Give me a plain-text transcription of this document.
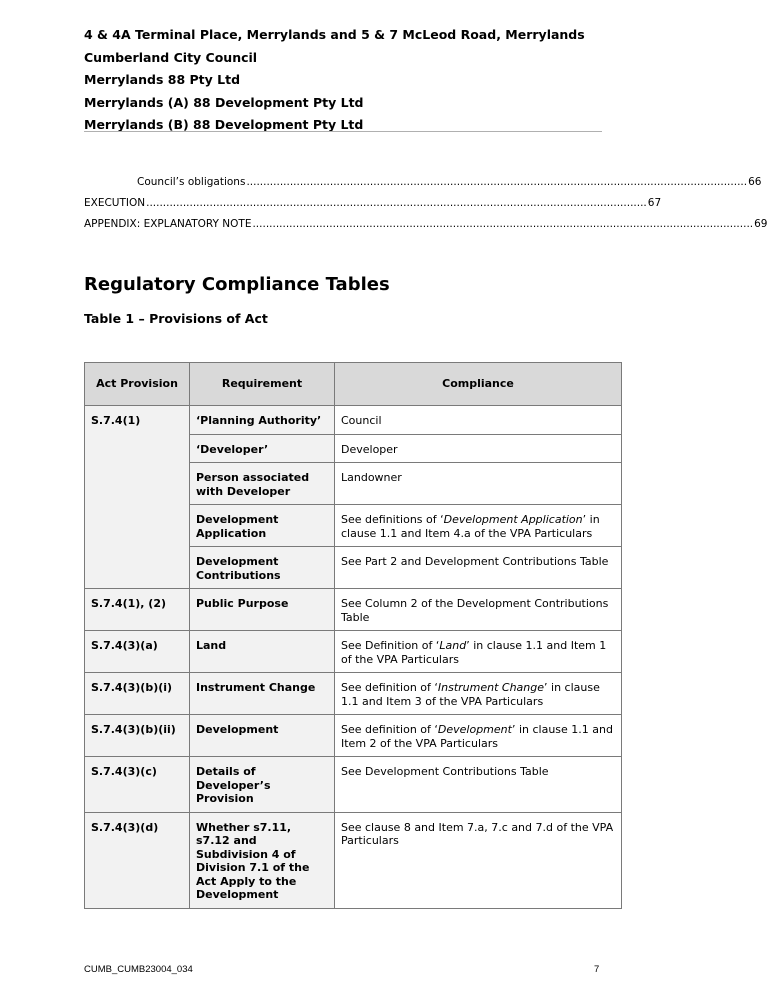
4 & 4A Terminal Place, Merrylands and 5 & 7 McLeod Road, Merrylands
Cumberland City Council
Merrylands 88 Pty Ltd
Merrylands (A) 88 Development Pty Ltd
Merrylands (B) 88 Development Pty Ltd
Council’s obligations ...................................................................................................................................................... 66
EXECUTION ...................................................................................................................................................... 67
APPENDIX: EXPLANATORY NOTE ...................................................................................................................................................... 69
Regulatory Compliance Tables
Table 1 – Provisions of Act
Act Provision	Requirement	Compliance
S.7.4(1)	‘Planning Authority’	Council
	‘Developer’	Developer
	Person associated with Developer	Landowner
	Development Application	See definitions of ‘Development Application’ in clause 1.1 and Item 4.a of the VPA Particulars
	Development Contributions	See Part 2 and Development Contributions Table
S.7.4(1), (2)	Public Purpose	See Column 2 of the Development Contributions Table
S.7.4(3)(a)	Land	See Definition of ‘Land’ in clause 1.1 and Item 1 of the VPA Particulars
S.7.4(3)(b)(i)	Instrument Change	See definition of ‘Instrument Change’ in clause 1.1 and Item 3 of the VPA Particulars
S.7.4(3)(b)(ii)	Development	See definition of ‘Development’ in clause 1.1 and Item 2 of the VPA Particulars
S.7.4(3)(c)	Details of Developer’s Provision	See Development Contributions Table
S.7.4(3)(d)	Whether s7.11, s7.12 and Subdivision 4 of Division 7.1 of the Act Apply to the Development	See clause 8 and Item 7.a, 7.c and 7.d of the VPA Particulars
CUMB_CUMB23004_034	7
